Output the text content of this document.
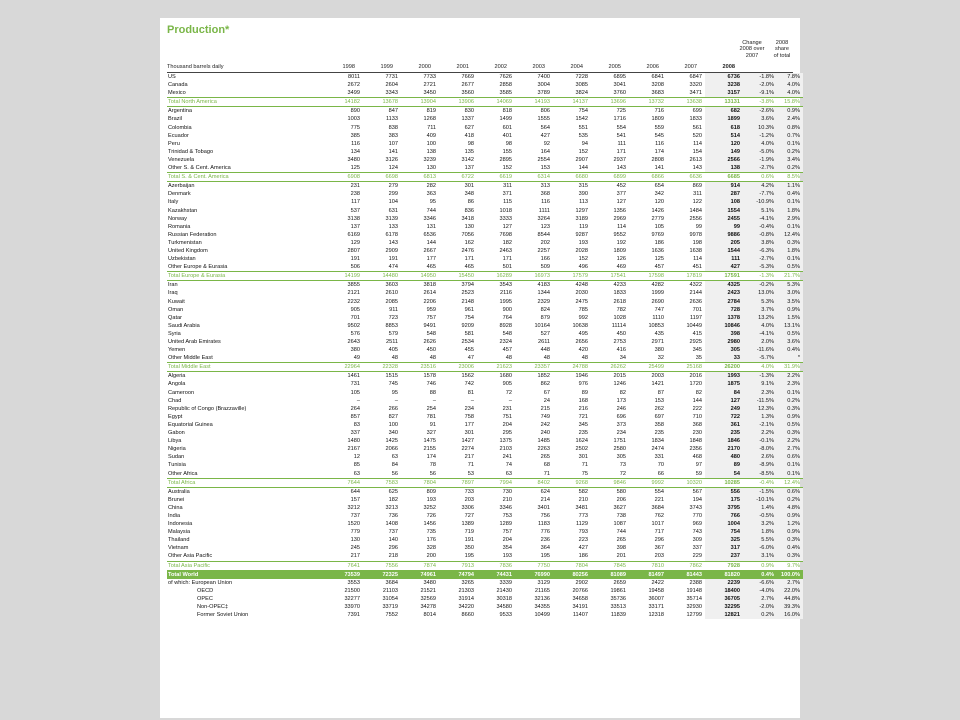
Production*
Thousand barrels daily	1998	1999	2000	2001	2002	2003	2004	2005	2006	2007	2008
Change
2008 over
2007
2008
share
of total
US	8011	7731	7733	7669	7626	7400	7228	6895	6841	6847	6736	-1.8%	7.8%
Canada	2672	2604	2721	2677	2858	3004	3085	3041	3208	3320	3238	-2.0%	4.0%
Mexico	3499	3343	3450	3560	3585	3789	3824	3760	3683	3471	3157	-9.1%	4.0%
Total North America	14182	13678	13904	13906	14069	14193	14137	13696	13732	13638	13131	-3.8%	15.8%
Argentina	890	847	819	830	818	806	754	725	716	699	682	-2.6%	0.9%
Brazil	1003	1133	1268	1337	1499	1555	1542	1716	1809	1833	1899	3.6%	2.4%
Colombia	775	838	711	627	601	564	551	554	559	561	618	10.3%	0.8%
Ecuador	385	383	409	418	401	427	535	541	545	520	514	-1.2%	0.7%
Peru	116	107	100	98	98	92	94	111	116	114	120	4.0%	0.1%
Trinidad & Tobago	134	141	138	135	155	164	152	171	174	154	149	-5.0%	0.2%
Venezuela	3480	3126	3239	3142	2895	2554	2907	2937	2808	2613	2566	-1.9%	3.4%
Other S. & Cent. America	125	124	130	137	152	153	144	143	141	143	138	-2.7%	0.2%
Total S. & Cent. America	6908	6698	6813	6722	6619	6314	6680	6899	6866	6636	6685	0.6%	8.5%
Azerbaijan	231	279	282	301	311	313	315	452	654	869	914	4.2%	1.1%
Denmark	238	299	363	348	371	368	390	377	342	311	287	-7.7%	0.4%
Italy	117	104	95	86	115	116	113	127	120	122	108	-10.9%	0.1%
Kazakhstan	537	631	744	836	1018	1111	1297	1356	1426	1484	1554	5.1%	1.8%
Norway	3138	3139	3346	3418	3333	3264	3189	2969	2779	2556	2455	-4.1%	2.9%
Romania	137	133	131	130	127	123	119	114	105	99	99	-0.4%	0.1%
Russian Federation	6169	6178	6536	7056	7698	8544	9287	9552	9769	9978	9886	-0.8%	12.4%
Turkmenistan	129	143	144	162	182	202	193	192	186	198	205	3.8%	0.3%
United Kingdom	2807	2909	2667	2476	2463	2257	2028	1809	1636	1638	1544	-6.3%	1.8%
Uzbekistan	191	191	177	171	171	166	152	126	125	114	111	-2.7%	0.1%
Other Europe & Eurasia	506	474	465	465	501	509	496	469	457	451	427	-5.3%	0.5%
Total Europe & Eurasia	14199	14480	14950	15450	16289	16973	17579	17541	17598	17819	17591	-1.3%	21.7%
Iran	3855	3603	3818	3794	3543	4183	4248	4233	4282	4322	4325	-0.2%	5.3%
Iraq	2121	2610	2614	2523	2116	1344	2030	1833	1999	2144	2423	13.0%	3.0%
Kuwait	2232	2085	2206	2148	1995	2329	2475	2618	2690	2636	2784	5.3%	3.5%
Oman	905	911	959	961	900	824	785	782	747	701	728	3.7%	0.9%
Qatar	701	723	757	754	764	879	992	1028	1110	1197	1378	13.2%	1.5%
Saudi Arabia	9502	8853	9491	9209	8928	10164	10638	11114	10853	10449	10846	4.0%	13.1%
Syria	576	579	548	581	548	527	495	450	435	415	398	-4.1%	0.5%
United Arab Emirates	2643	2511	2626	2534	2324	2611	2656	2753	2971	2925	2980	2.0%	3.6%
Yemen	380	405	450	455	457	448	420	416	380	345	305	-11.6%	0.4%
Other Middle East	49	48	48	47	48	48	48	34	32	35	33	-5.7%	*
Total Middle East	22964	22328	23516	23006	21623	23357	24788	26262	25499	25168	26200	4.0%	31.9%
Algeria	1461	1515	1578	1562	1680	1852	1946	2015	2003	2016	1993	-1.3%	2.2%
Angola	731	745	746	742	905	862	976	1246	1421	1720	1875	9.1%	2.3%
Cameroon	105	95	88	81	72	67	89	82	87	82	84	2.3%	0.1%
Chad	–	–	–	–	–	24	168	173	153	144	127	-11.5%	0.2%
Republic of Congo (Brazzaville)	264	266	254	234	231	215	216	246	262	222	249	12.3%	0.3%
Egypt	857	827	781	758	751	749	721	696	697	710	722	1.3%	0.9%
Equatorial Guinea	83	100	91	177	204	242	345	373	358	368	361	-2.1%	0.5%
Gabon	337	340	327	301	295	240	235	234	235	230	235	2.2%	0.3%
Libya	1480	1425	1475	1427	1375	1485	1624	1751	1834	1848	1846	-0.1%	2.2%
Nigeria	2167	2066	2155	2274	2103	2263	2502	2580	2474	2356	2170	-8.0%	2.7%
Sudan	12	63	174	217	241	265	301	305	331	468	480	2.6%	0.6%
Tunisia	85	84	78	71	74	68	71	73	70	97	89	-8.9%	0.1%
Other Africa	63	56	56	53	63	71	75	72	66	59	54	-8.5%	0.1%
Total Africa	7644	7583	7804	7897	7994	8402	9268	9846	9992	10320	10285	-0.4%	12.4%
Australia	644	625	809	733	730	624	582	580	554	567	556	-1.5%	0.6%
Brunei	157	182	193	203	210	214	210	206	221	194	175	-10.1%	0.2%
China	3212	3213	3252	3306	3346	3401	3481	3627	3684	3743	3795	1.4%	4.8%
India	737	736	726	727	753	756	773	738	762	770	766	-0.5%	0.9%
Indonesia	1520	1408	1456	1389	1289	1183	1129	1087	1017	969	1004	3.2%	1.2%
Malaysia	779	737	735	719	757	776	793	744	717	743	754	1.8%	0.9%
Thailand	130	140	176	191	204	236	223	265	296	309	325	5.5%	0.3%
Vietnam	245	296	328	350	354	364	427	398	367	337	317	-6.0%	0.4%
Other Asia Pacific	217	218	200	195	193	195	186	201	203	229	237	3.1%	0.3%
Total Asia Pacific	7641	7556	7874	7913	7836	7750	7804	7845	7810	7862	7928	0.9%	9.7%
Total World	73539	72325	74961	74794	74431	76990	80256	81089	81497	81443	81820	0.4%	100.0%
of which: European Union	3553	3684	3480	3265	3339	3129	2902	2659	2422	2388	2239	-6.6%	2.7%
OECD	21500	21103	21521	21303	21430	21165	20766	19861	19458	19148	18400	-4.0%	22.0%
OPEC	32277	31054	32569	31914	30318	32136	34658	35736	36007	35714	36705	2.7%	44.8%
Non-OPEC‡	33970	33719	34278	34220	34580	34355	34191	33513	33171	32930	32295	-2.0%	39.3%
Former Soviet Union	7391	7552	8014	8660	9533	10499	11407	11839	12318	12799	12821	0.2%	16.0%
